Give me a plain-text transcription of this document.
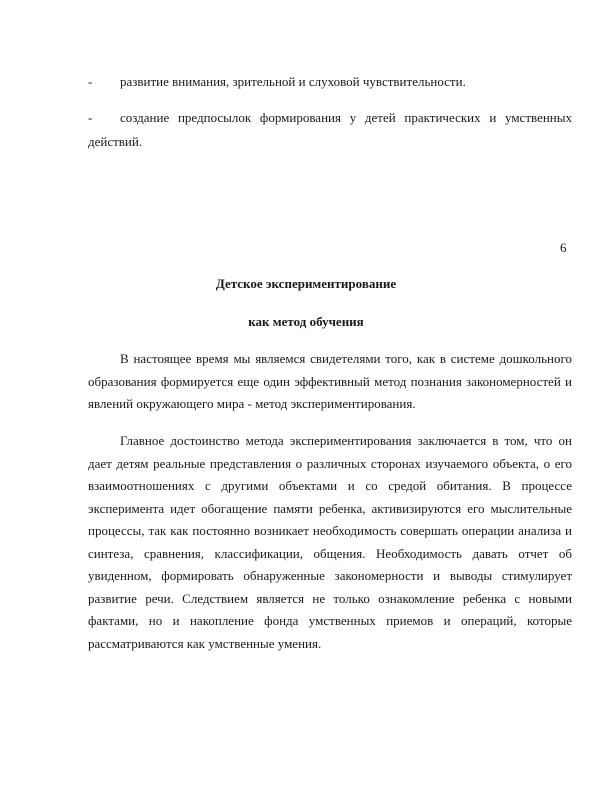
-	развитие внимания, зрительной и слуховой чувствительности.
-	создание предпосылок формирования у детей практических и умственных действий.
6
Детское экспериментирование
как метод обучения

В настоящее время мы являемся свидетелями того, как в системе дошкольного образования формируется еще один эффективный метод познания закономерностей и явлений окружающего мира - метод экспериментирования.

Главное достоинство метода экспериментирования заключается в том, что он дает детям реальные представления о различных сторонах изучаемого объекта, о его взаимоотношениях с другими объектами и со средой обитания. В процессе эксперимента идет обогащение памяти ребенка, активизируются его мыслительные процессы, так как постоянно возникает необходимость совершать операции анализа и синтеза, сравнения, классификации, общения. Необходимость давать отчет об увиденном, формировать обнаруженные закономерности и выводы стимулирует развитие речи. Следствием является не только ознакомление ребенка с новыми фактами, но и накопление фонда умственных приемов и операций, которые рассматриваются как умственные умения.
